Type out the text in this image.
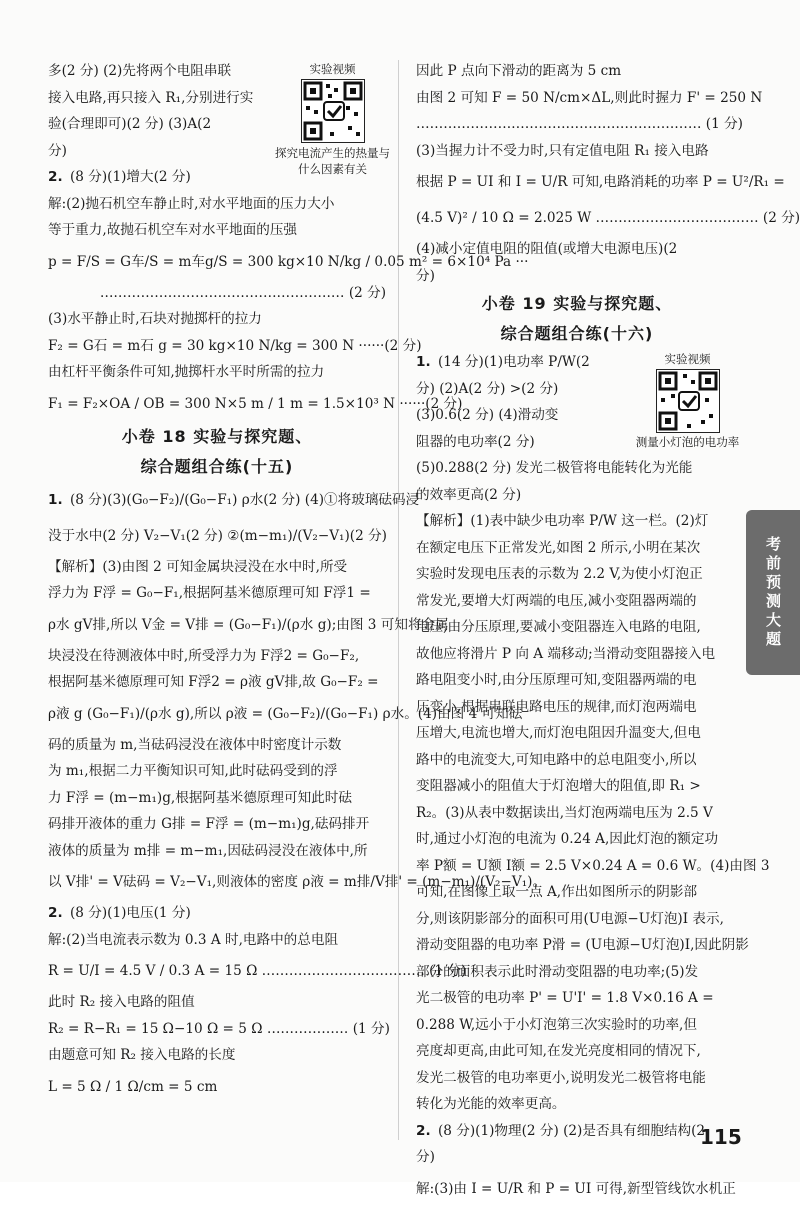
多(2 分) (2)先将两个电阻串联
接入电路,再只接入 R₁,分别进行实
验(合理即可)(2 分) (3)A(2
分)
2. (8 分)(1)增大(2 分)
解:(2)抛石机空车静止时,对水平地面的压力大小
等于重力,故抛石机空车对水平地面的压强
p = F/S = G车/S = m车g/S = 300 kg×10 N/kg / 0.05 m² = 6×10⁴ Pa ···
……………………………………………… (2 分)
(3)水平静止时,石块对抛掷杆的拉力
F₂ = G石 = m石 g = 30 kg×10 N/kg = 300 N ······(2 分)
由杠杆平衡条件可知,抛掷杆水平时所需的拉力
F₁ = F₂×OA / OB = 300 N×5 m / 1 m = 1.5×10³ N ······(2 分)
小卷 18 实验与探究题、
综合题组合练(十五)
1. (8 分)(3)(G₀−F₂)/(G₀−F₁) ρ水(2 分) (4)①将玻璃砝码浸
没于水中(2 分) V₂−V₁(2 分) ②(m−m₁)/(V₂−V₁)(2 分)
【解析】(3)由图 2 可知金属块浸没在水中时,所受
浮力为 F浮 = G₀−F₁,根据阿基米德原理可知 F浮1 =
ρ水 gV排,所以 V金 = V排 = (G₀−F₁)/(ρ水 g);由图 3 可知将金属
块浸没在待测液体中时,所受浮力为 F浮2 = G₀−F₂,
根据阿基米德原理可知 F浮2 = ρ液 gV排,故 G₀−F₂ =
ρ液 g (G₀−F₁)/(ρ水 g),所以 ρ液 = (G₀−F₂)/(G₀−F₁) ρ水。(4)由图 4 可知砝
码的质量为 m,当砝码浸没在液体中时密度计示数
为 m₁,根据二力平衡知识可知,此时砝码受到的浮
力 F浮 = (m−m₁)g,根据阿基米德原理可知此时砝
码排开液体的重力 G排 = F浮 = (m−m₁)g,砝码排开
液体的质量为 m排 = m−m₁,因砝码浸没在液体中,所
以 V排' = V砝码 = V₂−V₁,则液体的密度 ρ液 = m排/V排' = (m−m₁)/(V₂−V₁)。
2. (8 分)(1)电压(1 分)
解:(2)当电流表示数为 0.3 A 时,电路中的总电阻
R = U/I = 4.5 V / 0.3 A = 15 Ω ……………………………… (1 分)
此时 R₂ 接入电路的阻值
R₂ = R−R₁ = 15 Ω−10 Ω = 5 Ω ……………… (1 分)
由题意可知 R₂ 接入电路的长度
L = 5 Ω / 1 Ω/cm = 5 cm
实验视频
探究电流产生的热量与什么因素有关
因此 P 点向下滑动的距离为 5 cm
由图 2 可知 F = 50 N/cm×ΔL,则此时握力 F' = 250 N
……………………………………………………… (1 分)
(3)当握力计不受力时,只有定值电阻 R₁ 接入电路
根据 P = UI 和 I = U/R 可知,电路消耗的功率 P = U²/R₁ =
(4.5 V)² / 10 Ω = 2.025 W ……………………………… (2 分)
(4)减小定值电阻的阻值(或增大电源电压)(2
分)
小卷 19 实验与探究题、
综合题组合练(十六)
1. (14 分)(1)电功率 P/W(2
分) (2)A(2 分) >(2 分)
(3)0.6(2 分) (4)滑动变
阻器的电功率(2 分)
(5)0.288(2 分) 发光二极管将电能转化为光能
的效率更高(2 分)
【解析】(1)表中缺少电功率 P/W 这一栏。(2)灯
在额定电压下正常发光,如图 2 所示,小明在某次
实验时发现电压表的示数为 2.2 V,为使小灯泡正
常发光,要增大灯两端的电压,减小变阻器两端的
电压,由分压原理,要减小变阻器连入电路的电阻,
故他应将滑片 P 向 A 端移动;当滑动变阻器接入电
路电阻变小时,由分压原理可知,变阻器两端的电
压变小,根据串联电路电压的规律,而灯泡两端电
压增大,电流也增大,而灯泡电阻因升温变大,但电
路中的电流变大,可知电路中的总电阻变小,所以
变阻器减小的阻值大于灯泡增大的阻值,即 R₁ >
R₂。(3)从表中数据读出,当灯泡两端电压为 2.5 V
时,通过小灯泡的电流为 0.24 A,因此灯泡的额定功
率 P额 = U额 I额 = 2.5 V×0.24 A = 0.6 W。(4)由图 3
可知,在图像上取一点 A,作出如图所示的阴影部
分,则该阴影部分的面积可用(U电源−U灯泡)I 表示,
滑动变阻器的电功率 P滑 = (U电源−U灯泡)I,因此阴影
部分的面积表示此时滑动变阻器的电功率;(5)发
光二极管的电功率 P' = U'I' = 1.8 V×0.16 A =
0.288 W,远小于小灯泡第三次实验时的功率,但
亮度却更高,由此可知,在发光亮度相同的情况下,
发光二极管的电功率更小,说明发光二极管将电能
转化为光能的效率更高。
2. (8 分)(1)物理(2 分) (2)是否具有细胞结构(2
分)
解:(3)由 I = U/R 和 P = UI 可得,新型管线饮水机正
实验视频
测量小灯泡的电功率
考前预测大题
115
